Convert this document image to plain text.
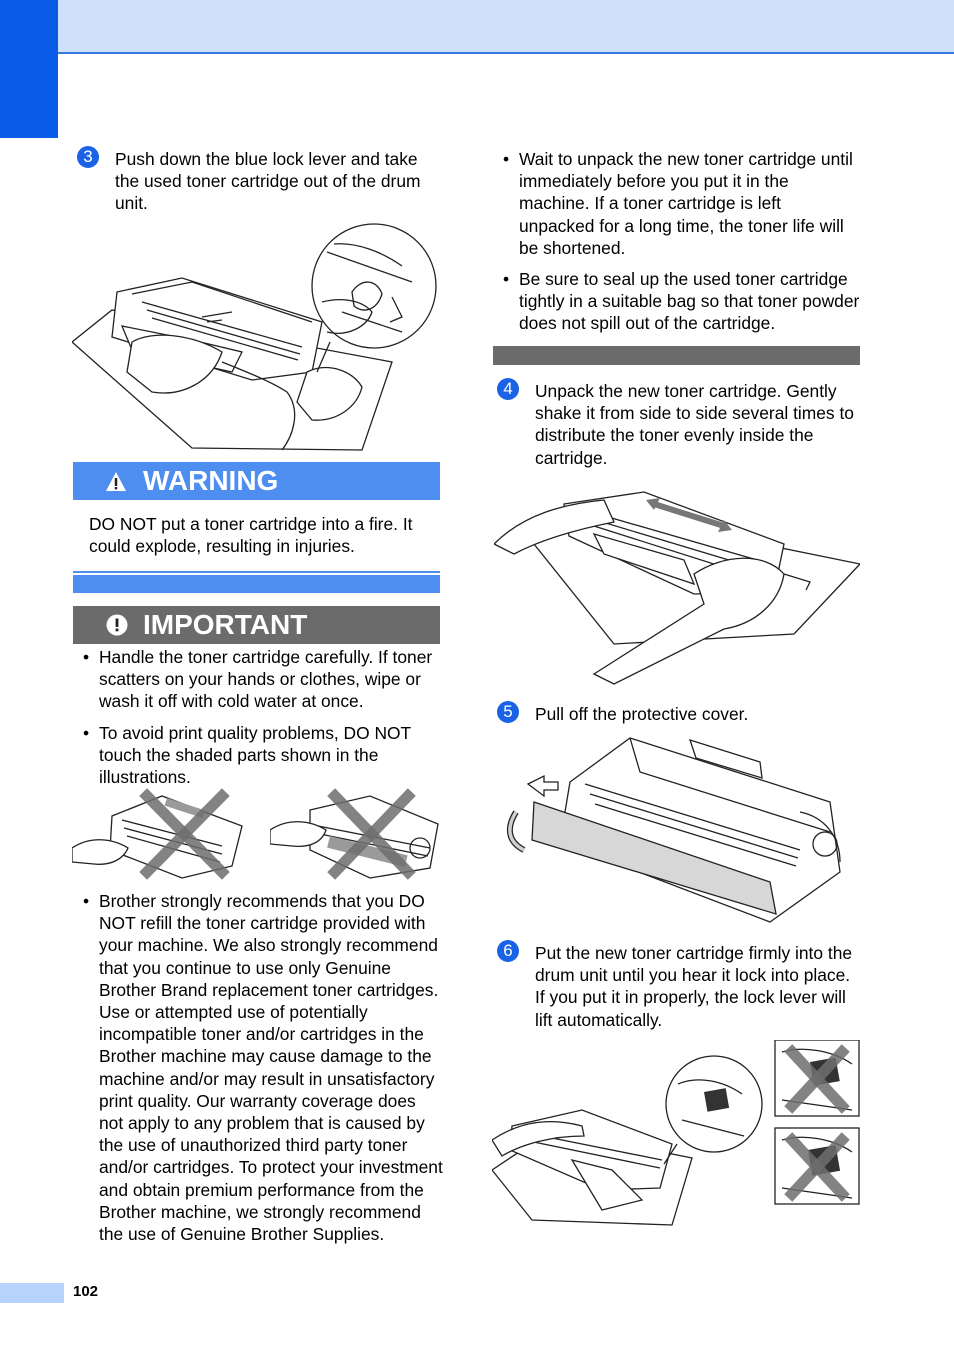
3	Push down the blue lock lever and take the used toner cartridge out of the drum unit.
WARNING
DO NOT put a toner cartridge into a fire. It could explode, resulting in injuries.
IMPORTANT
• Handle the toner cartridge carefully. If toner scatters on your hands or clothes, wipe or wash it off with cold water at once.
• To avoid print quality problems, DO NOT touch the shaded parts shown in the illustrations.
• Brother strongly recommends that you DO NOT refill the toner cartridge provided with your machine. We also strongly recommend that you continue to use only Genuine Brother Brand replacement toner cartridges. Use or attempted use of potentially incompatible toner and/or cartridges in the Brother machine may cause damage to the machine and/or may result in unsatisfactory print quality. Our warranty coverage does not apply to any problem that is caused by the use of unauthorized third party toner and/or cartridges. To protect your investment and obtain premium performance from the Brother machine, we strongly recommend the use of Genuine Brother Supplies.
• Wait to unpack the new toner cartridge until immediately before you put it in the machine. If a toner cartridge is left unpacked for a long time, the toner life will be shortened.
• Be sure to seal up the used toner cartridge tightly in a suitable bag so that toner powder does not spill out of the cartridge.
4	Unpack the new toner cartridge. Gently shake it from side to side several times to distribute the toner evenly inside the cartridge.
5	Pull off the protective cover.
6	Put the new toner cartridge firmly into the drum unit until you hear it lock into place. If you put it in properly, the lock lever will lift automatically.
102
